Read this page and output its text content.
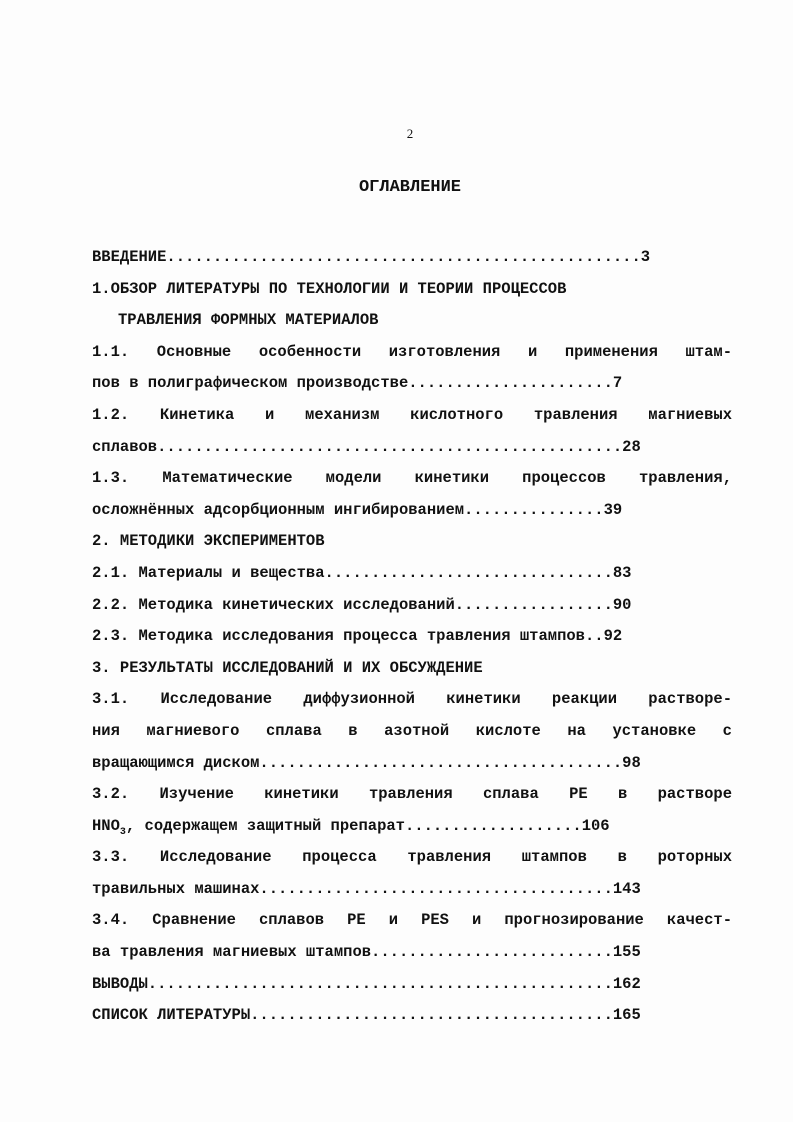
2
ОГЛАВЛЕНИЕ
ВВЕДЕНИЕ...................................................3
1.ОБЗОР ЛИТЕРАТУРЫ ПО ТЕХНОЛОГИИ И ТЕОРИИ ПРОЦЕССОВ
ТРАВЛЕНИЯ ФОРМНЫХ МАТЕРИАЛОВ
1.1. Основные особенности изготовления и применения штам-
пов в полиграфическом производстве......................7
1.2. Кинетика и механизм кислотного травления магниевых
сплавов..................................................28
1.3. Математические модели кинетики процессов травления,
осложнённых адсорбционным ингибированием...............39
2. МЕТОДИКИ ЭКСПЕРИМЕНТОВ
2.1. Материалы и вещества...............................83
2.2. Методика кинетических исследований.................90
2.3. Методика исследования процесса травления штампов..92
3. РЕЗУЛЬТАТЫ ИССЛЕДОВАНИЙ И ИХ ОБСУЖДЕНИЕ
3.1. Исследование диффузионной кинетики реакции растворе-
ния магниевого сплава в азотной кислоте на установке с
вращающимся диском.......................................98
3.2. Изучение кинетики травления сплава PE в растворе
$HNO_3$, содержащем защитный препарат...................106
3.3. Исследование процесса травления штампов в роторных
травильных машинах......................................143
3.4. Сравнение сплавов PE и PES и прогнозирование качест-
ва травления магниевых штампов..........................155
ВЫВОДЫ..................................................162
СПИСОК ЛИТЕРАТУРЫ.......................................165
